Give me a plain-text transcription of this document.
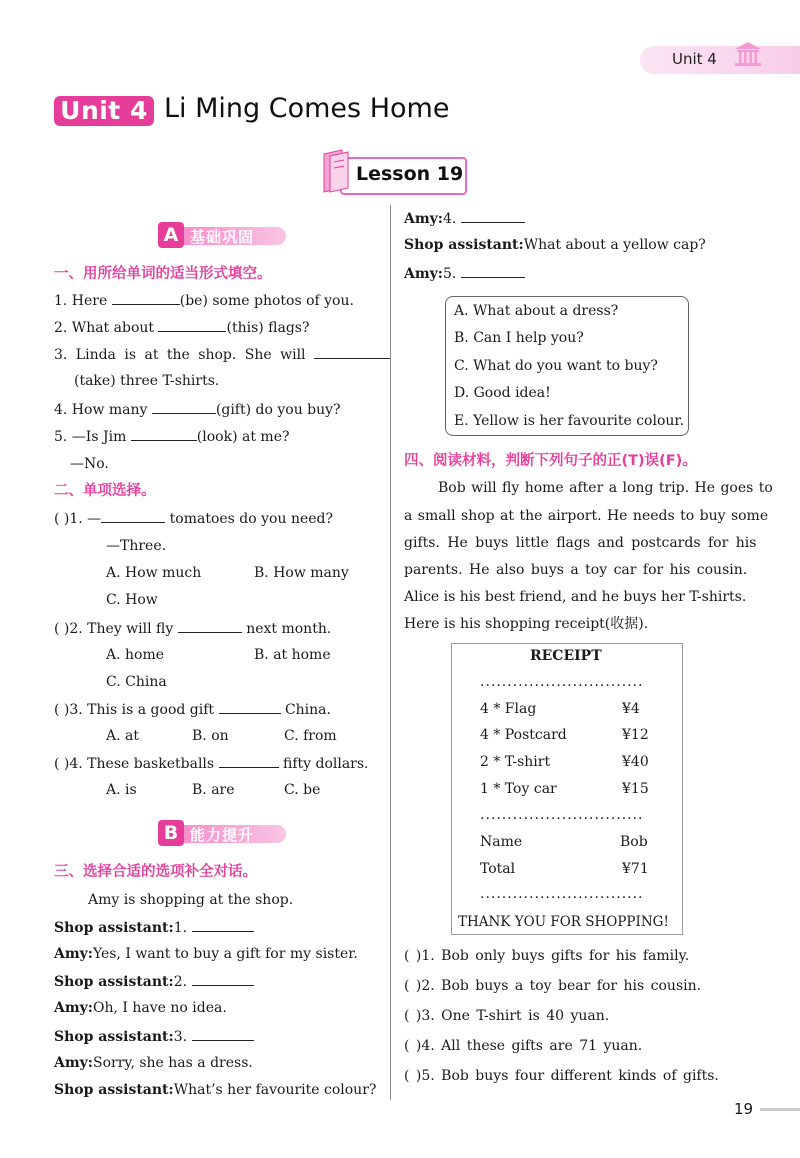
Unit 4
Unit 4 Li Ming Comes Home
Lesson 19
A 基础巩固
一、用所给单词的适当形式填空。
1. Here	(be) some photos of you.
2. What about	(this) flags?
3. Linda is at the shop. She will
(take) three T-shirts.
4. How many	(gift) do you buy?
5. —Is Jim	(look) at me?
—No.
二、单项选择。
( )1. —	tomatoes do you need?
—Three.
A. How much	B. How many
C. How
( )2. They will fly	next month.
A. home	B. at home
C. China
( )3. This is a good gift	China.
A. at	B. on	C. from
( )4. These basketballs	fifty dollars.
A. is	B. are	C. be
B 能力提升
三、选择合适的选项补全对话。
Amy is shopping at the shop.
Shop assistant:1.
Amy:Yes, I want to buy a gift for my sister.
Shop assistant:2.
Amy:Oh, I have no idea.
Shop assistant:3.
Amy:Sorry, she has a dress.
Shop assistant:What’s her favourite colour?
Amy:4.
Shop assistant:What about a yellow cap?
Amy:5.
A. What about a dress?
B. Can I help you?
C. What do you want to buy?
D. Good idea!
E. Yellow is her favourite colour.
四、阅读材料，判断下列句子的正(T)误(F)。
Bob will fly home after a long trip. He goes to
a small shop at the airport. He needs to buy some
gifts. He buys little flags and postcards for his
parents. He also buys a toy car for his cousin.
Alice is his best friend, and he buys her T-shirts.
Here is his shopping receipt(收据).
RECEIPT
..............................
4 * Flag	¥4
4 * Postcard	¥12
2 * T-shirt	¥40
1 * Toy car	¥15
..............................
Name	Bob
Total	¥71
..............................
THANK YOU FOR SHOPPING!
( )1. Bob only buys gifts for his family.
( )2. Bob buys a toy bear for his cousin.
( )3. One T-shirt is 40 yuan.
( )4. All these gifts are 71 yuan.
( )5. Bob buys four different kinds of gifts.
19
